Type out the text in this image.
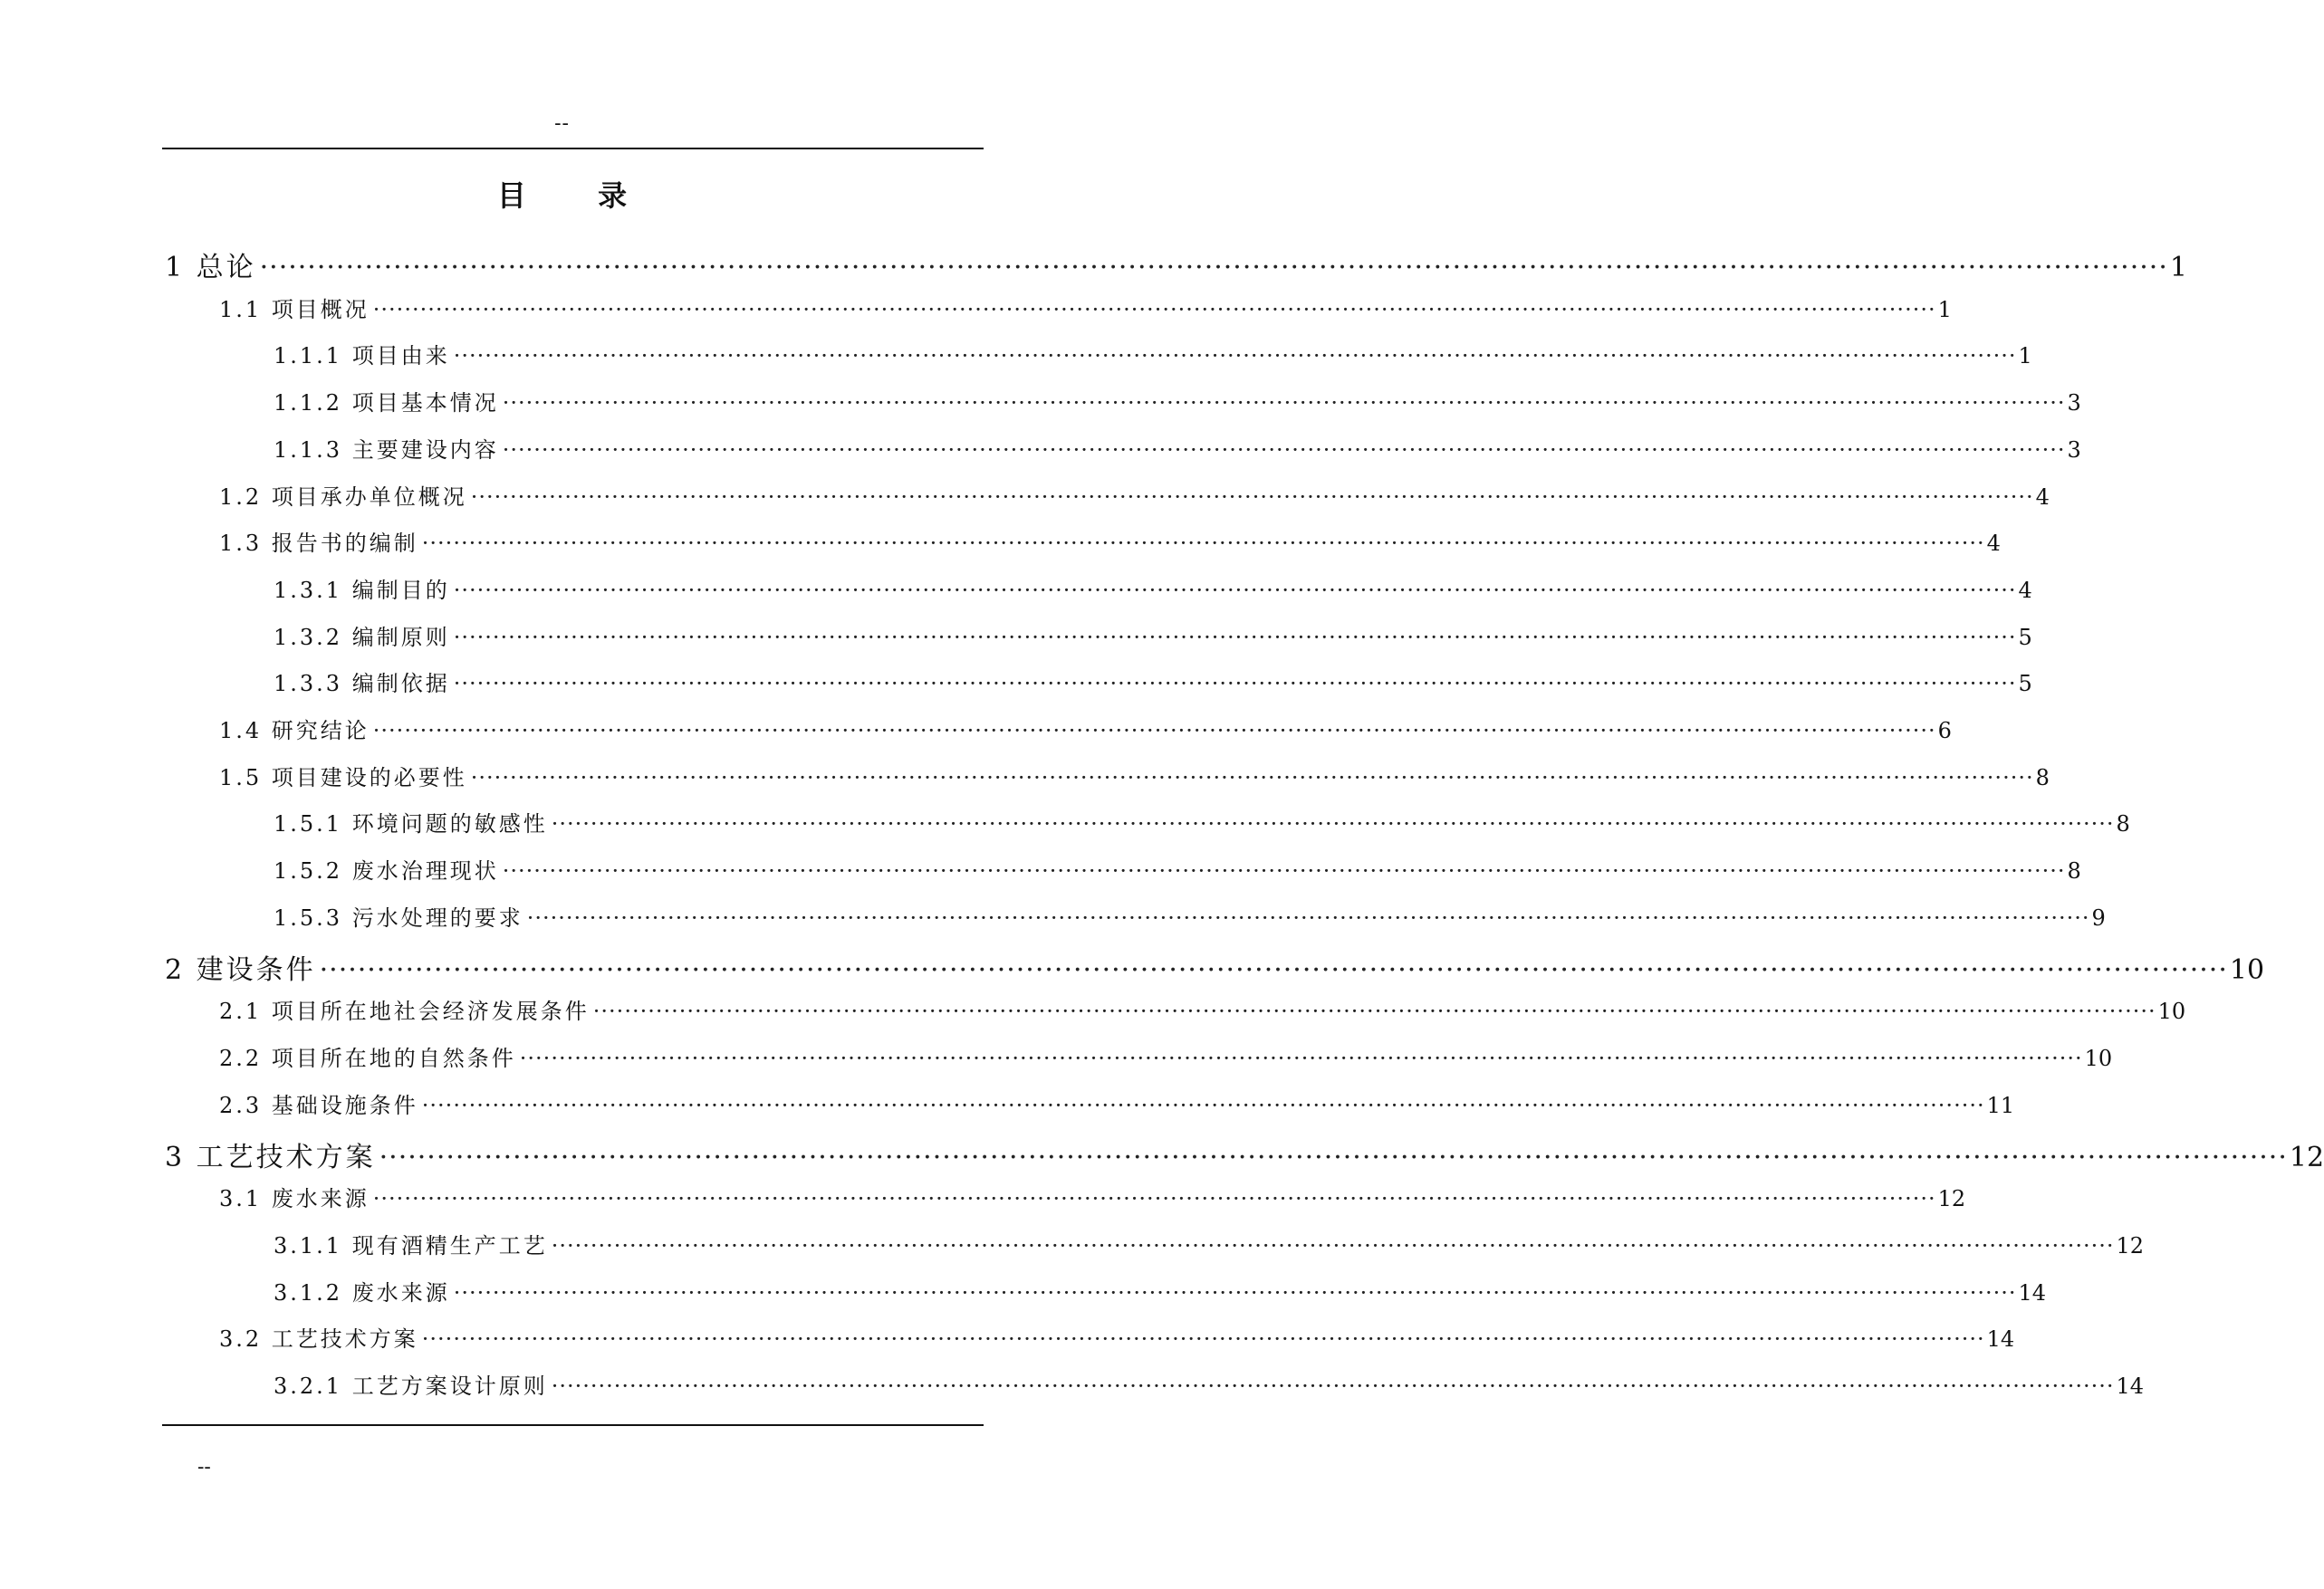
--
目 录
1 总论 ········································································································································································································ 1
1.1 项目概况 ········································································································································································································ 1
1.1.1 项目由来 ········································································································································································································ 1
1.1.2 项目基本情况 ········································································································································································································ 3
1.1.3 主要建设内容 ········································································································································································································ 3
1.2 项目承办单位概况 ········································································································································································································ 4
1.3 报告书的编制 ········································································································································································································ 4
1.3.1 编制目的 ········································································································································································································ 4
1.3.2 编制原则 ········································································································································································································ 5
1.3.3 编制依据 ········································································································································································································ 5
1.4 研究结论 ········································································································································································································ 6
1.5 项目建设的必要性 ········································································································································································································ 8
1.5.1 环境问题的敏感性 ········································································································································································································ 8
1.5.2 废水治理现状 ········································································································································································································ 8
1.5.3 污水处理的要求 ········································································································································································································ 9
2 建设条件 ········································································································································································································ 10
2.1 项目所在地社会经济发展条件 ········································································································································································································ 10
2.2 项目所在地的自然条件 ········································································································································································································ 10
2.3 基础设施条件 ········································································································································································································ 11
3 工艺技术方案 ········································································································································································································ 12
3.1 废水来源 ········································································································································································································ 12
3.1.1 现有酒精生产工艺 ········································································································································································································ 12
3.1.2 废水来源 ········································································································································································································ 14
3.2 工艺技术方案 ········································································································································································································ 14
3.2.1 工艺方案设计原则 ········································································································································································································ 14
--
